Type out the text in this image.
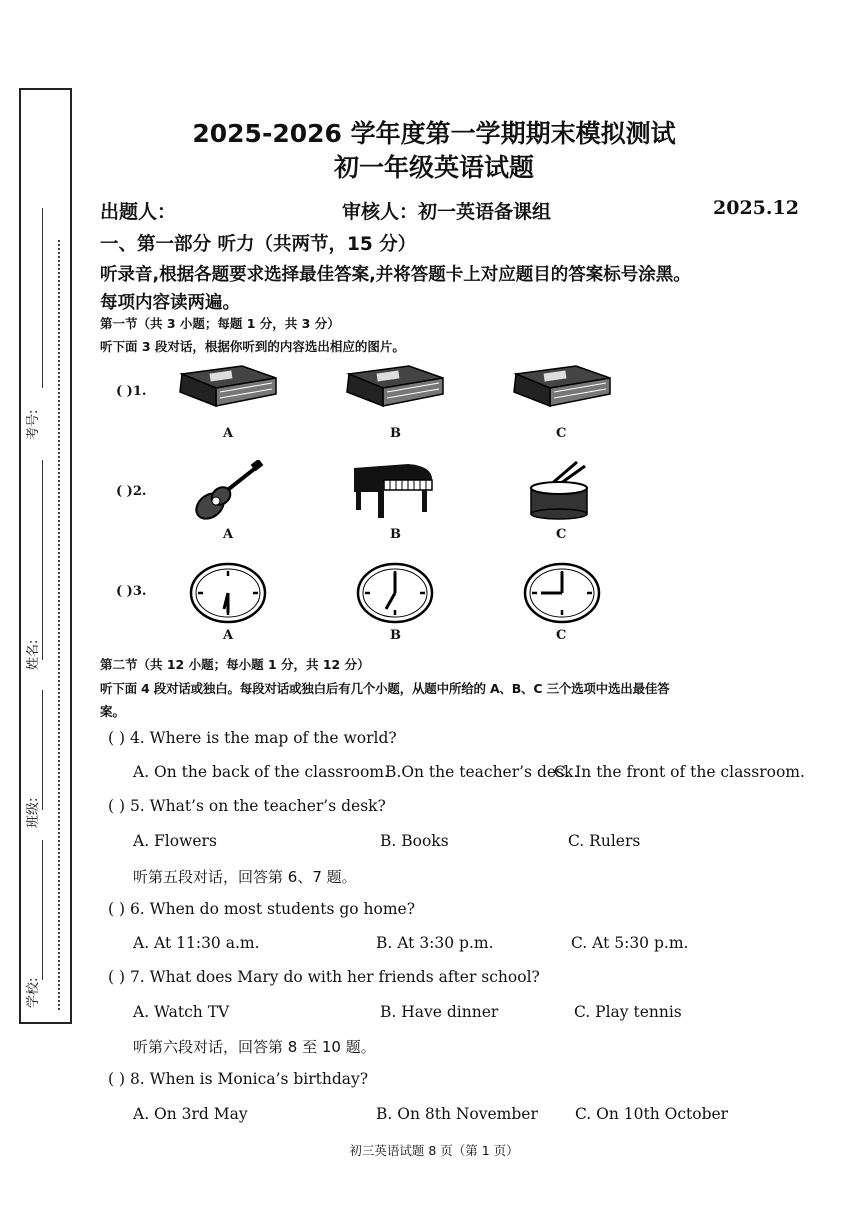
考号:
姓名:
班级:
学校:
2025-2026 学年度第一学期期末模拟测试
初一年级英语试题
出题人：	审核人：初一英语备课组	2025.12
一、第一部分 听力（共两节，15 分）
听录音,根据各题要求选择最佳答案,并将答题卡上对应题目的答案标号涂黑。
每项内容读两遍。
第一节（共 3 小题；每题 1 分，共 3 分）
听下面 3 段对话，根据你听到的内容选出相应的图片。
( )1.
A	B	C
( )2.
A	B	C
( )3.
A	B	C
第二节（共 12 小题；每小题 1 分，共 12 分）
听下面 4 段对话或独白。每段对话或独白后有几个小题，从题中所给的 A、B、C 三个选项中选出最佳答
案。
( ) 4. Where is the map of the world?
A. On the back of the classroom.
B.On the teacher’s desk.
C. In the front of the classroom.
( ) 5. What’s on the teacher’s desk?
A. Flowers	B. Books	C. Rulers
听第五段对话，回答第 6、7 题。
( ) 6. When do most students go home?
A. At 11:30 a.m.	B. At 3:30 p.m.	C. At 5:30 p.m.
( ) 7. What does Mary do with her friends after school?
A. Watch TV	B. Have dinner	C. Play tennis
听第六段对话，回答第 8 至 10 题。
( ) 8. When is Monica’s birthday?
A. On 3rd May	B. On 8th November C. On 10th October
初三英语试题 8 页（第 1 页）
